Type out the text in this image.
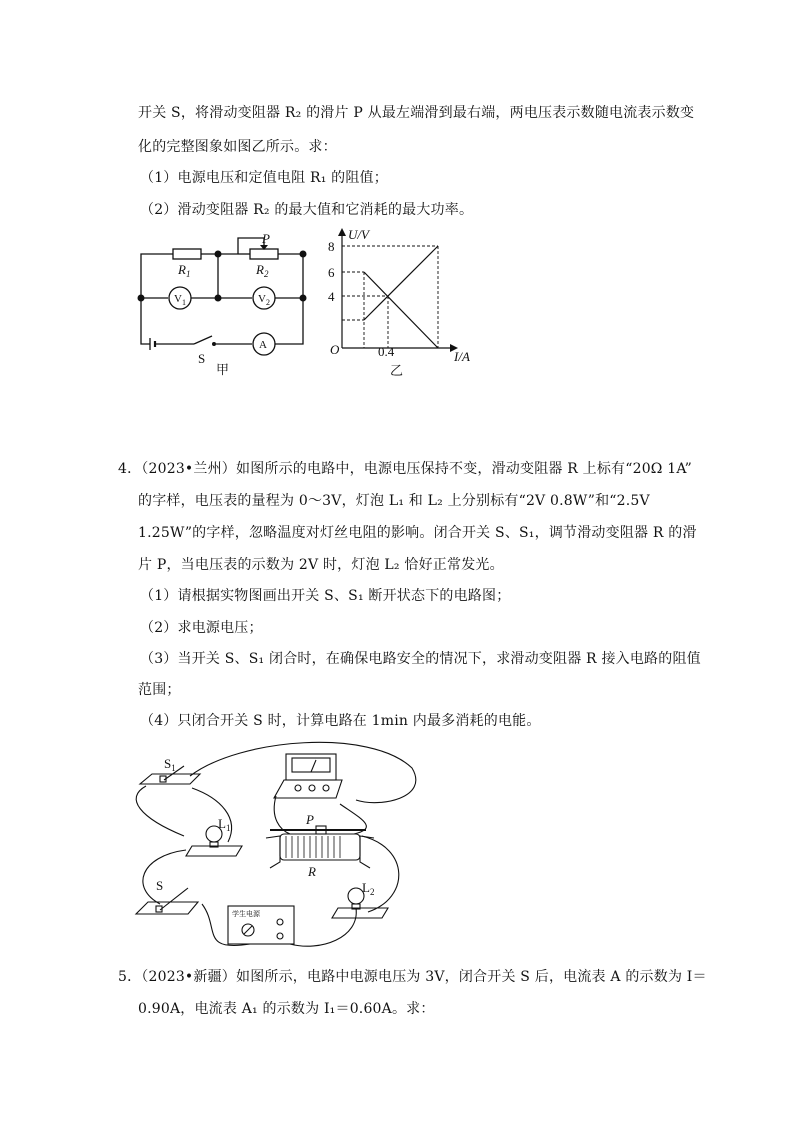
开关 S，将滑动变阻器 R₂ 的滑片 P 从最左端滑到最右端，两电压表示数随电流表示数变
化的完整图象如图乙所示。求：
（1）电源电压和定值电阻 R₁ 的阻值；
（2）滑动变阻器 R₂ 的最大值和它消耗的最大功率。
$R_1$	$R_2$
P
$V_1$	$V_2$
A
S
甲
U/V
I/A
O
8
6
4
0.4
乙
4．（2023•兰州）如图所示的电路中，电源电压保持不变，滑动变阻器 R 上标有“20Ω 1A”
的字样，电压表的量程为 0～3V，灯泡 L₁ 和 L₂ 上分别标有“2V 0.8W”和“2.5V
1.25W”的字样，忽略温度对灯丝电阻的影响。闭合开关 S、S₁，调节滑动变阻器 R 的滑
片 P，当电压表的示数为 2V 时，灯泡 L₂ 恰好正常发光。
（1）请根据实物图画出开关 S、S₁ 断开状态下的电路图；
（2）求电源电压；
（3）当开关 S、S₁ 闭合时，在确保电路安全的情况下，求滑动变阻器 R 接入电路的阻值
范围；
（4）只闭合开关 S 时，计算电路在 1min 内最多消耗的电能。
$S_1$
$L_1$
P
R
S	$L_2$
学生电源
5．（2023•新疆）如图所示，电路中电源电压为 3V，闭合开关 S 后，电流表 A 的示数为 I＝
0.90A，电流表 A₁ 的示数为 I₁＝0.60A。求：
